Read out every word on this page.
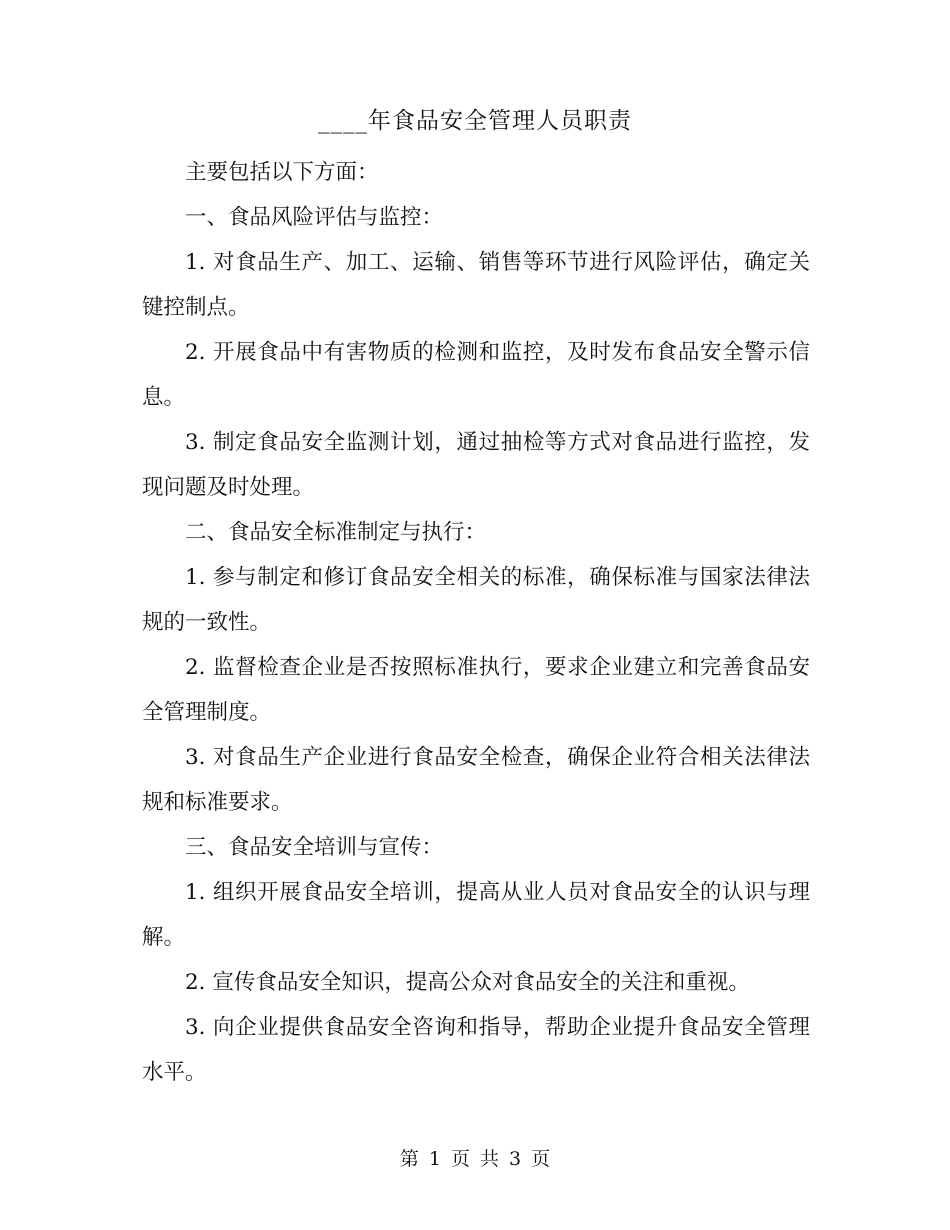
____年食品安全管理人员职责

主要包括以下方面：

一、食品风险评估与监控：

1. 对食品生产、加工、运输、销售等环节进行风险评估，确定关键控制点。

2. 开展食品中有害物质的检测和监控，及时发布食品安全警示信息。

3. 制定食品安全监测计划，通过抽检等方式对食品进行监控，发现问题及时处理。

二、食品安全标准制定与执行：

1. 参与制定和修订食品安全相关的标准，确保标准与国家法律法规的一致性。

2. 监督检查企业是否按照标准执行，要求企业建立和完善食品安全管理制度。

3. 对食品生产企业进行食品安全检查，确保企业符合相关法律法规和标准要求。

三、食品安全培训与宣传：

1. 组织开展食品安全培训，提高从业人员对食品安全的认识与理解。

2. 宣传食品安全知识，提高公众对食品安全的关注和重视。

3. 向企业提供食品安全咨询和指导，帮助企业提升食品安全管理水平。

第 1 页 共 3 页
